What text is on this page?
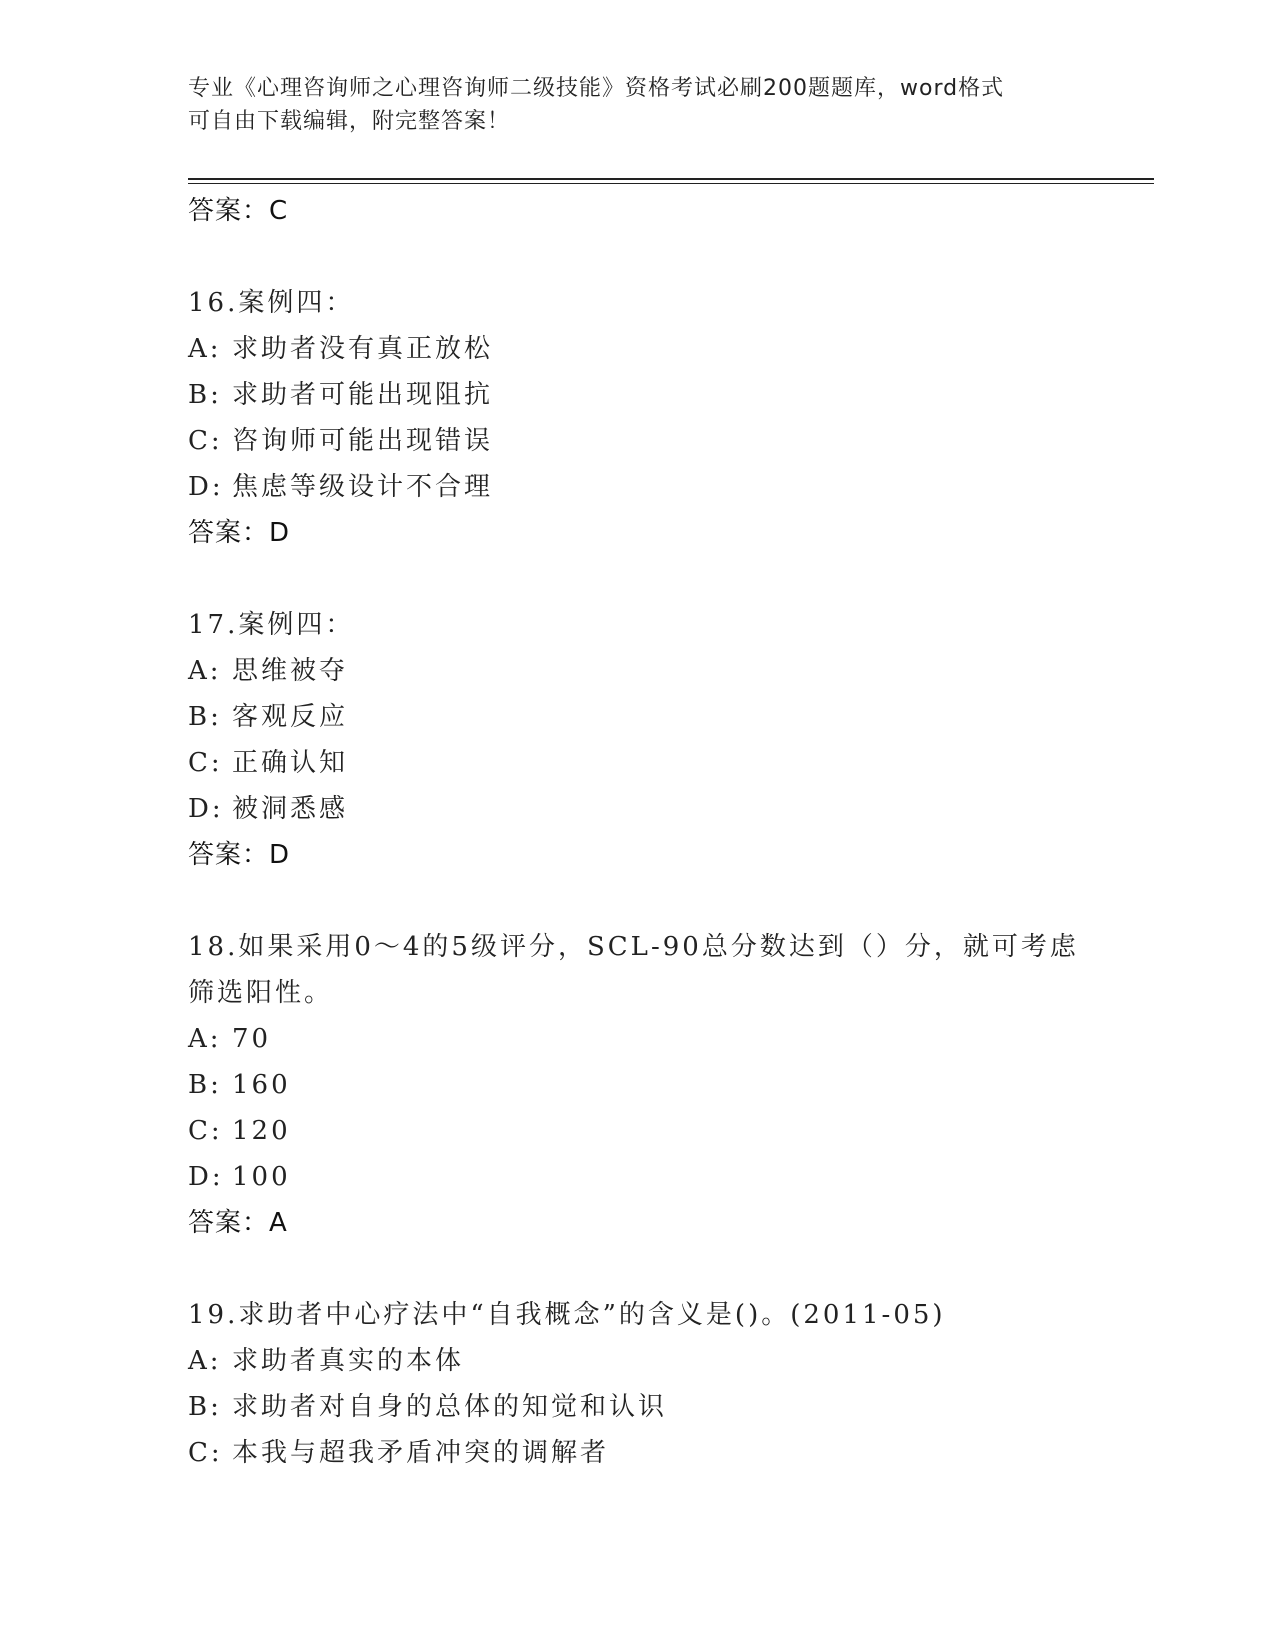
专业《心理咨询师之心理咨询师二级技能》资格考试必刷200题题库，word格式
可自由下载编辑，附完整答案！
答案：C
16.案例四：
A: 求助者没有真正放松
B: 求助者可能出现阻抗
C: 咨询师可能出现错误
D: 焦虑等级设计不合理
答案：D
17.案例四：
A: 思维被夺
B: 客观反应
C: 正确认知
D: 被洞悉感
答案：D
18.如果采用0～4的5级评分，SCL-90总分数达到（）分，就可考虑筛选阳性。
A: 70
B: 160
C: 120
D: 100
答案：A
19.求助者中心疗法中“自我概念”的含义是()。(2011-05)
A: 求助者真实的本体
B: 求助者对自身的总体的知觉和认识
C: 本我与超我矛盾冲突的调解者
